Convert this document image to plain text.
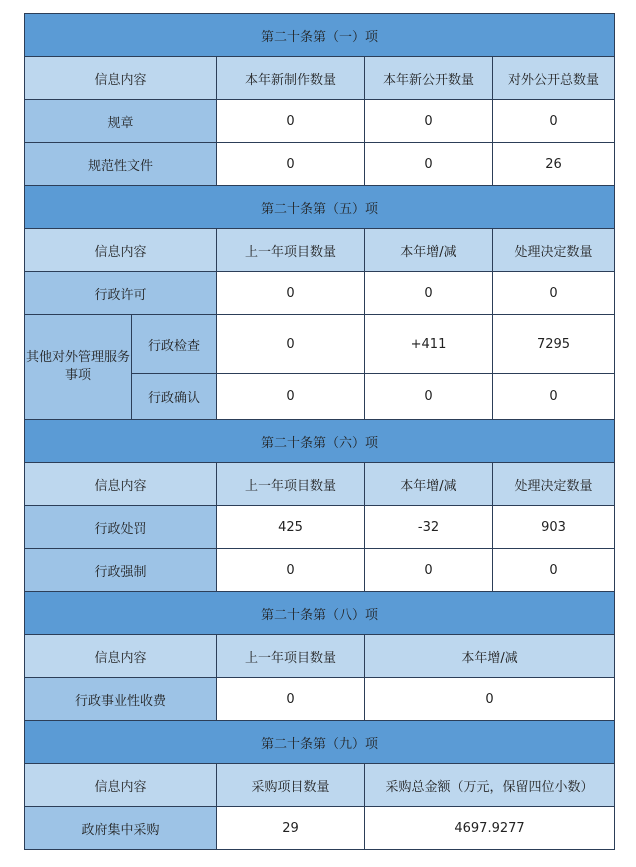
第二十条第（一）项				
信息内容		本年新制作数量	本年新公开数量	对外公开总数量
规章		0	0	0
规范性文件		0	0	26
第二十条第（五）项				
信息内容		上一年项目数量	本年增/减	处理决定数量
行政许可		0	0	0
其他对外管理服务事项	行政检查	0	+411	7295
	行政确认	0	0	0
第二十条第（六）项				
信息内容		上一年项目数量	本年增/减	处理决定数量
行政处罚		425	-32	903
行政强制		0	0	0
第二十条第（八）项				
信息内容		上一年项目数量	本年增/减	
行政事业性收费		0	0	
第二十条第（九）项				
信息内容		采购项目数量	采购总金额（万元，保留四位小数）	
政府集中采购		29	4697.9277	
